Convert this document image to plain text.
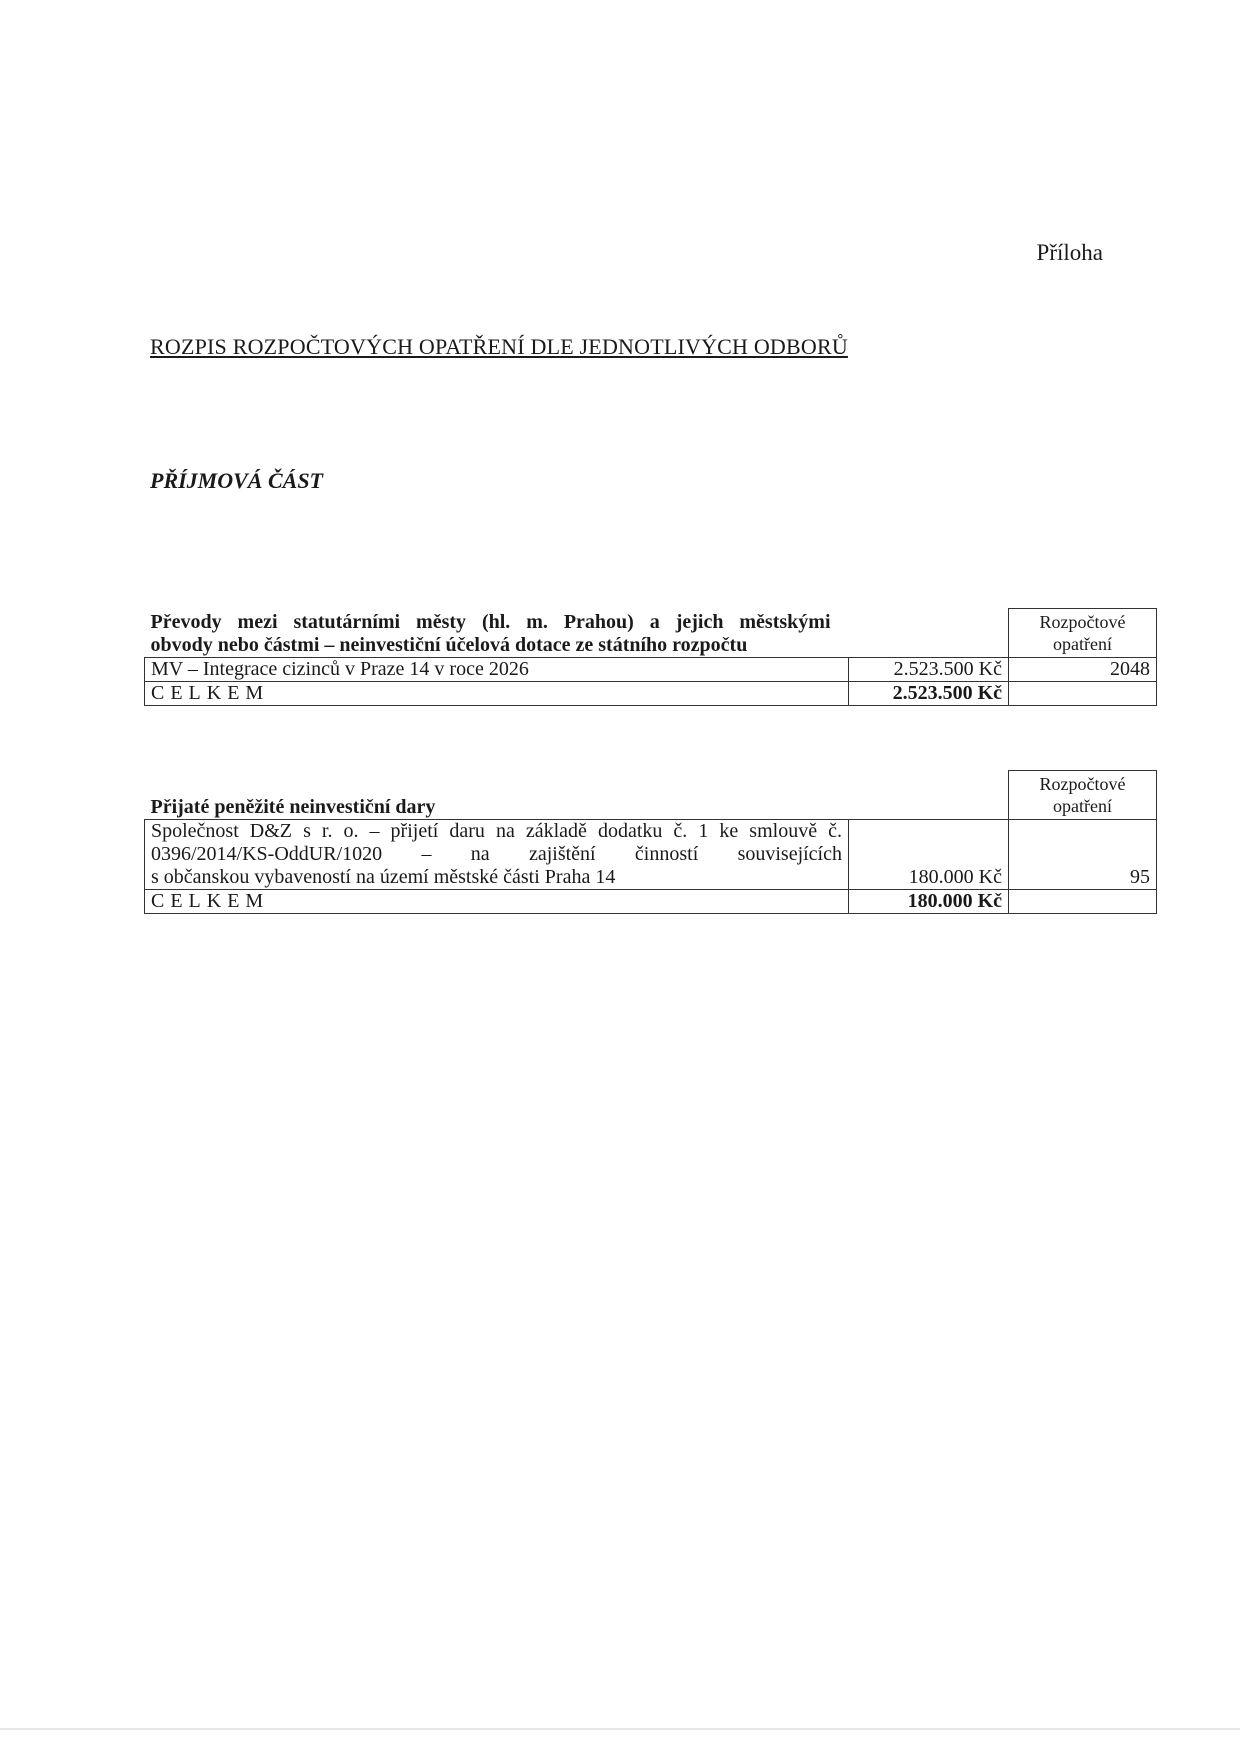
Příloha
ROZPIS ROZPOČTOVÝCH OPATŘENÍ DLE JEDNOTLIVÝCH ODBORŮ
PŘÍJMOVÁ ČÁST
Převody mezi statutárními městy (hl. m. Prahou) a jejich městskými
obvody nebo částmi – neinvestiční účelová dotace ze státního rozpočtu		Rozpočtové
opatření

MV – Integrace cizinců v Praze 14 v roce 2026	2.523.500 Kč	2048
CELKEM	2.523.500 Kč	
Přijaté peněžité neinvestiční dary		Rozpočtové
opatření

Společnost D&Z s r. o. – přijetí daru na základě dodatku č. 1 ke smlouvě č.
0396/2014/KS-OddUR/1020 – na zajištění činností souvisejících
s občanskou vybaveností na území městské části Praha 14	180.000 Kč	95
CELKEM	180.000 Kč	
